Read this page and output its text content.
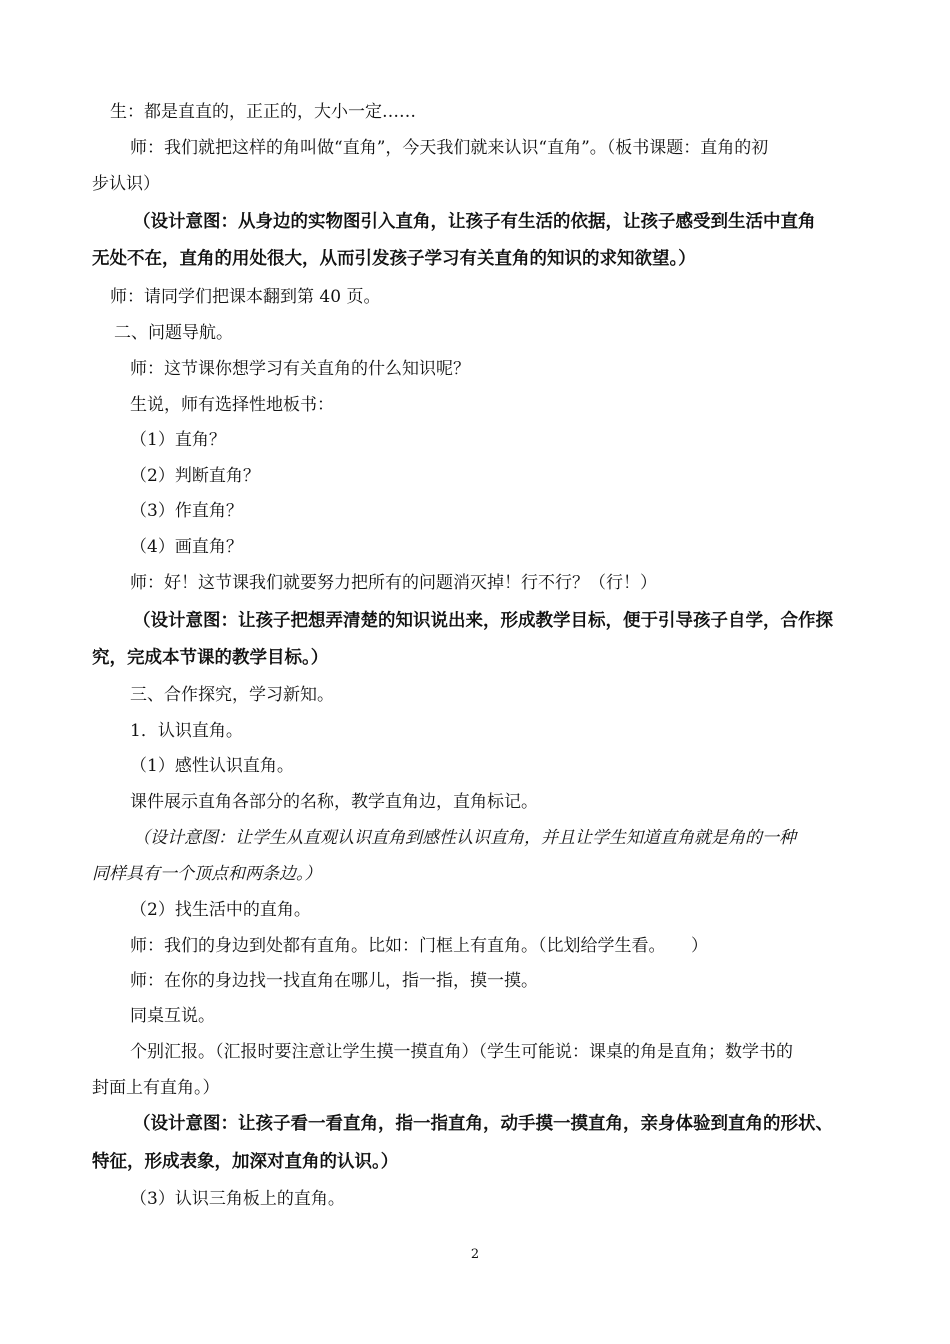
生：都是直直的，正正的，大小一定……
师：我们就把这样的角叫做“直角”，今天我们就来认识“直角”。（板书课题：直角的初
步认识）
（设计意图：从身边的实物图引入直角，让孩子有生活的依据，让孩子感受到生活中直角
无处不在，直角的用处很大，从而引发孩子学习有关直角的知识的求知欲望。）
师：请同学们把课本翻到第 40 页。
二、问题导航。
师：这节课你想学习有关直角的什么知识呢？
生说，师有选择性地板书：
（1）直角？
（2）判断直角？
（3）作直角？
（4）画直角？
师：好！这节课我们就要努力把所有的问题消灭掉！行不行？（行！）
（设计意图：让孩子把想弄清楚的知识说出来，形成教学目标，便于引导孩子自学，合作探
究，完成本节课的教学目标。）
三、合作探究，学习新知。
1．认识直角。
（1）感性认识直角。
课件展示直角各部分的名称，教学直角边，直角标记。
（设计意图：让学生从直观认识直角到感性认识直角，并且让学生知道直角就是角的一种
同样具有一个顶点和两条边。）
（2）找生活中的直角。
师：我们的身边到处都有直角。比如：门框上有直角。（比划给学生看。　　）
师：在你的身边找一找直角在哪儿，指一指，摸一摸。
同桌互说。
个别汇报。（汇报时要注意让学生摸一摸直角）（学生可能说：课桌的角是直角；数学书的
封面上有直角。）
（设计意图：让孩子看一看直角，指一指直角，动手摸一摸直角，亲身体验到直角的形状、
特征，形成表象，加深对直角的认识。）
（3）认识三角板上的直角。
2
